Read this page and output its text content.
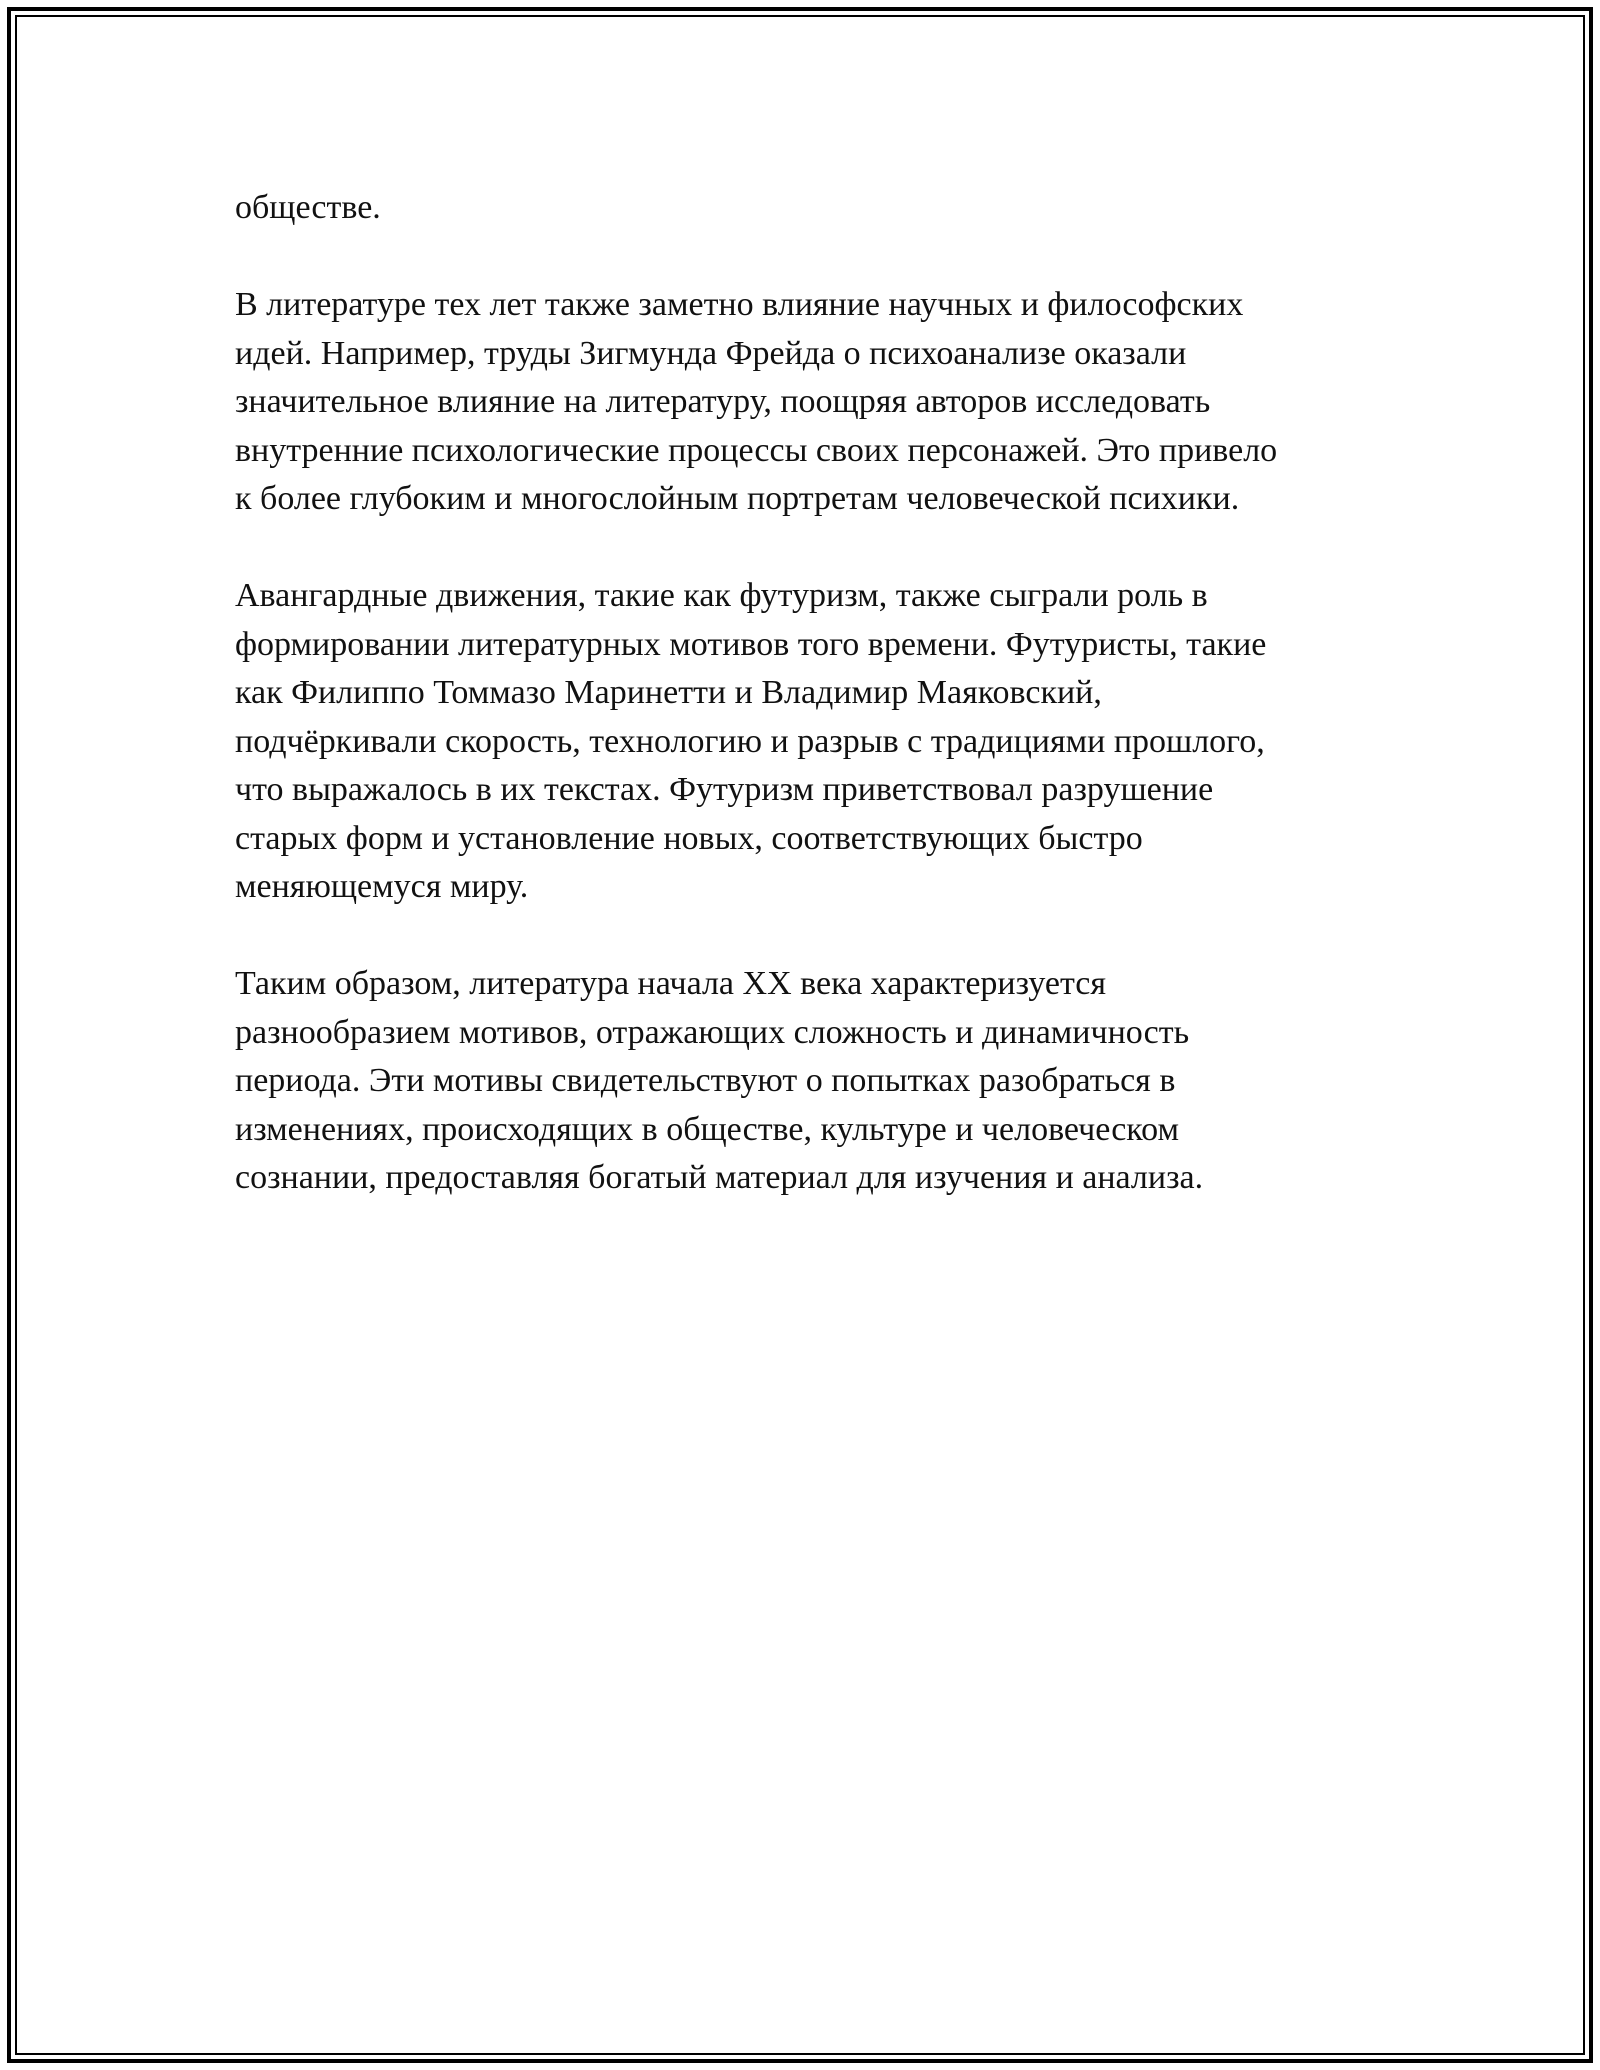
обществе.

В литературе тех лет также заметно влияние научных и философских
идей. Например, труды Зигмунда Фрейда о психоанализе оказали
значительное влияние на литературу, поощряя авторов исследовать
внутренние психологические процессы своих персонажей. Это привело
к более глубоким и многослойным портретам человеческой психики.

Авангардные движения, такие как футуризм, также сыграли роль в
формировании литературных мотивов того времени. Футуристы, такие
как Филиппо Томмазо Маринетти и Владимир Маяковский,
подчёркивали скорость, технологию и разрыв с традициями прошлого,
что выражалось в их текстах. Футуризм приветствовал разрушение
старых форм и установление новых, соответствующих быстро
меняющемуся миру.

Таким образом, литература начала XX века характеризуется
разнообразием мотивов, отражающих сложность и динамичность
периода. Эти мотивы свидетельствуют о попытках разобраться в
изменениях, происходящих в обществе, культуре и человеческом
сознании, предоставляя богатый материал для изучения и анализа.
